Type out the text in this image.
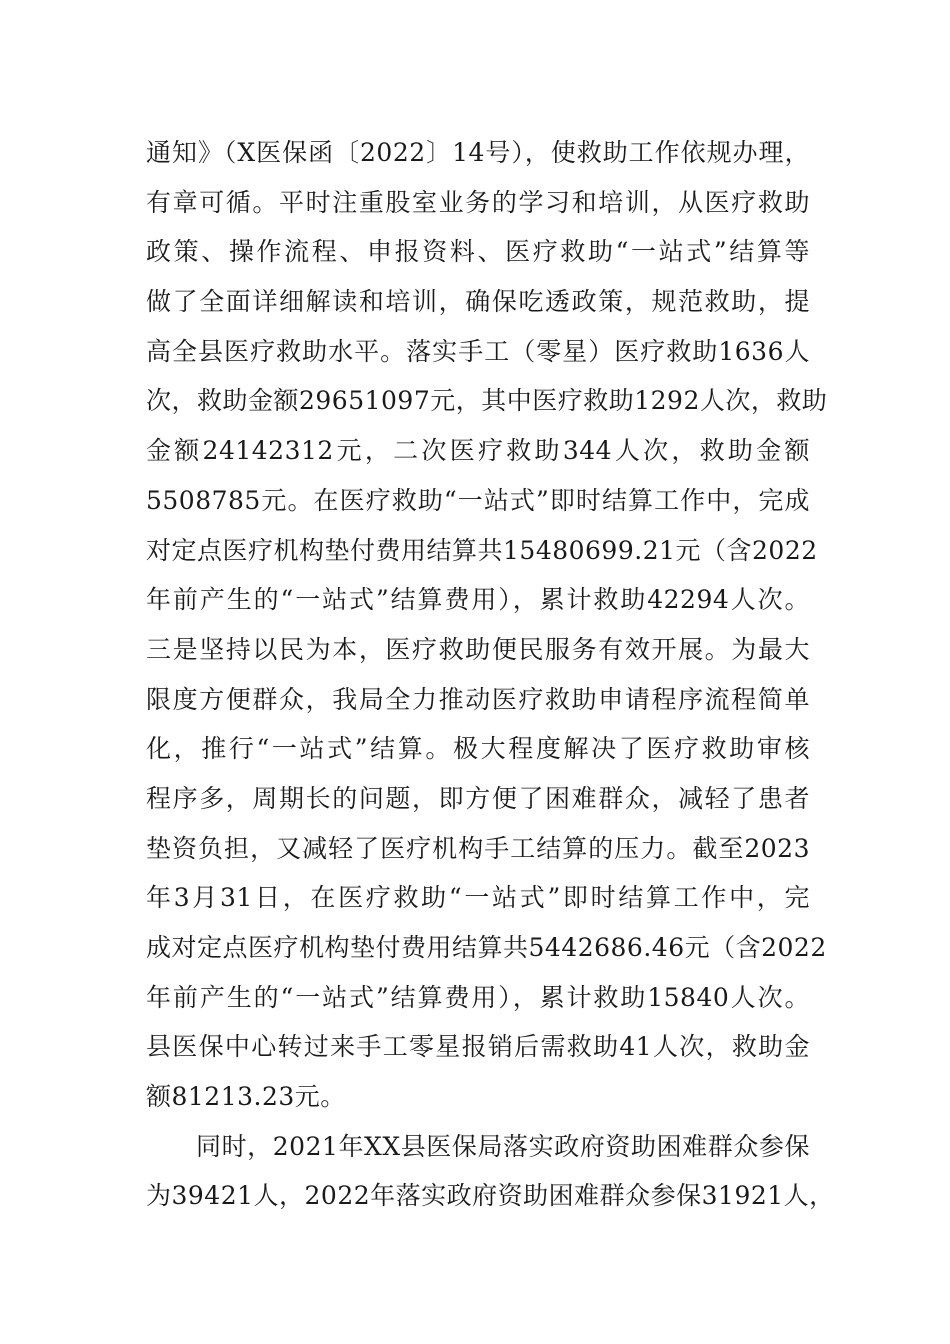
通知》（X医保函〔2022〕14号），使救助工作依规办理，
有章可循。平时注重股室业务的学习和培训，从医疗救助
政策、操作流程、申报资料、医疗救助“一站式”结算等
做了全面详细解读和培训，确保吃透政策，规范救助，提
高全县医疗救助水平。落实手工（零星）医疗救助1636人
次，救助金额29651097元，其中医疗救助1292人次，救助
金额24142312元，二次医疗救助344人次，救助金额
5508785元。在医疗救助“一站式”即时结算工作中，完成
对定点医疗机构垫付费用结算共15480699.21元（含2022
年前产生的“一站式”结算费用），累计救助42294人次。
三是坚持以民为本，医疗救助便民服务有效开展。为最大
限度方便群众，我局全力推动医疗救助申请程序流程简单
化，推行“一站式”结算。极大程度解决了医疗救助审核
程序多，周期长的问题，即方便了困难群众，减轻了患者
垫资负担，又减轻了医疗机构手工结算的压力。截至2023
年3月31日，在医疗救助“一站式”即时结算工作中，完
成对定点医疗机构垫付费用结算共5442686.46元（含2022
年前产生的“一站式”结算费用），累计救助15840人次。
县医保中心转过来手工零星报销后需救助41人次，救助金
额81213.23元。
同时，2021年XX县医保局落实政府资助困难群众参保
为39421人，2022年落实政府资助困难群众参保31921人，
